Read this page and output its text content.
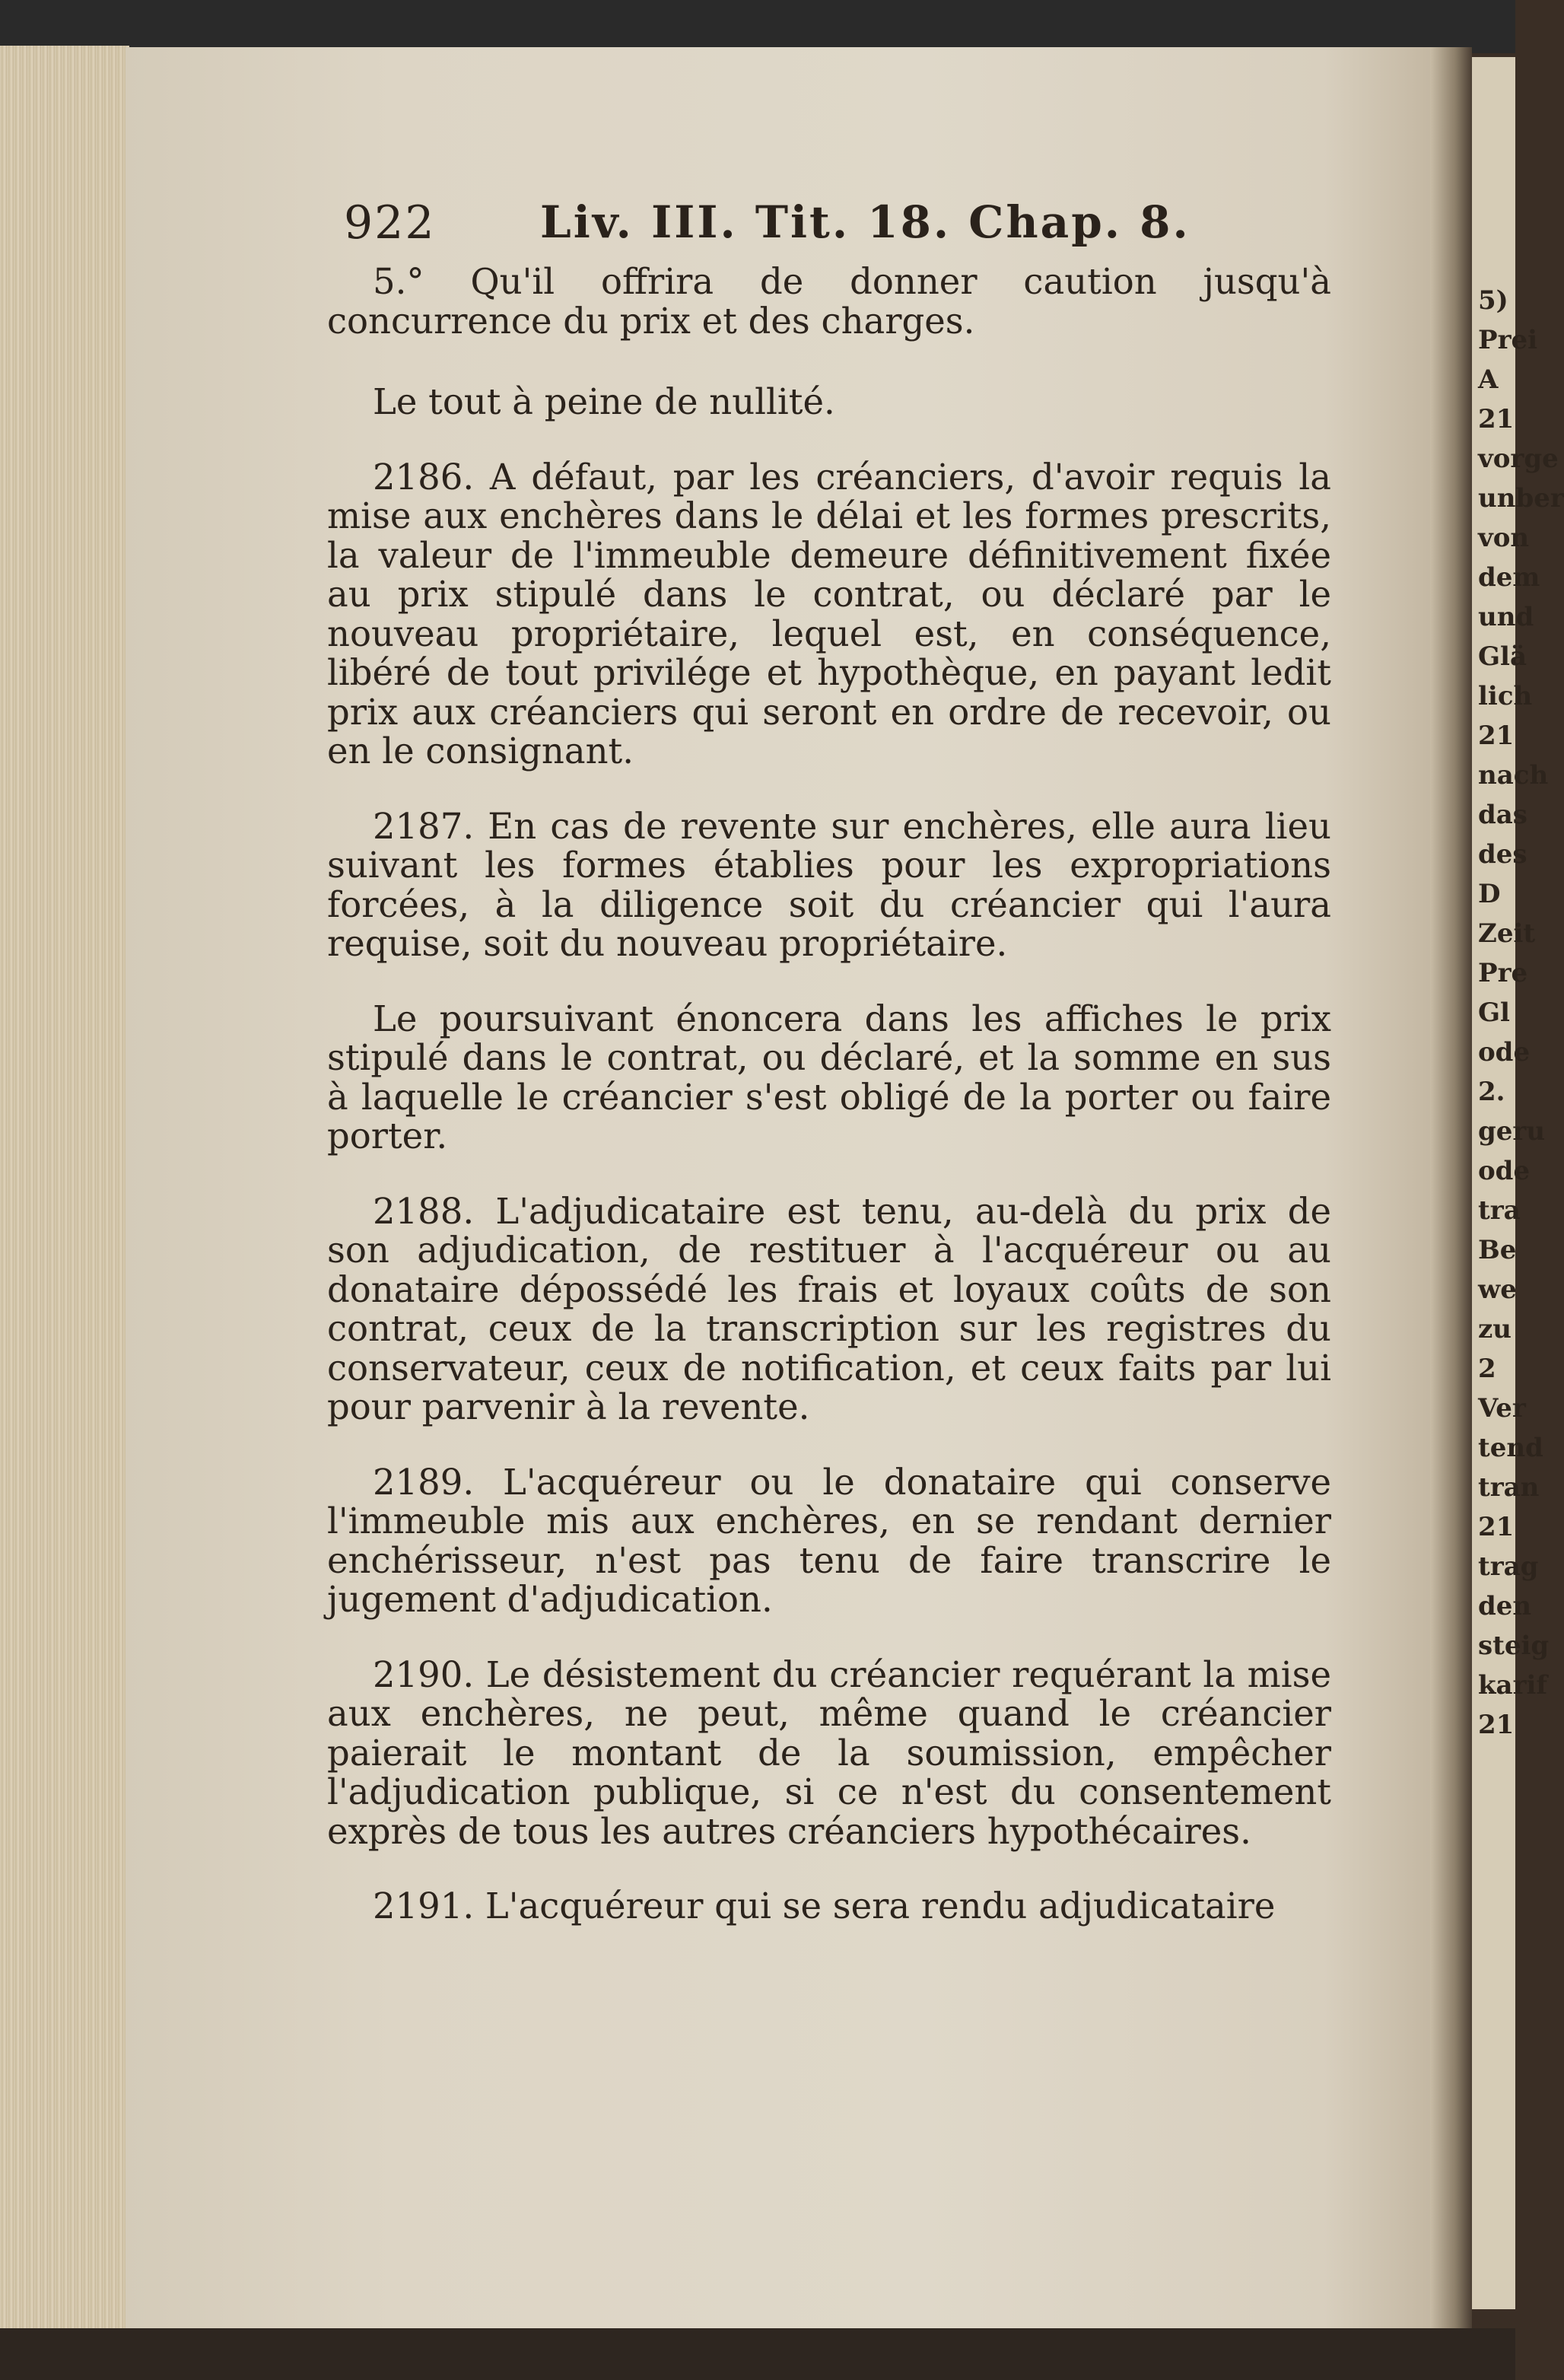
5)
Prei
A
21
vorge
unber
von
dem
und
Glä
lich
21
nach
das
des
D
Zeit
Pre
Gl
ode
2.
geru
ode
tra
Be
we
zu
2
Ver
tend
tran
21
trag
den
steig
karif
21
922 Liv. III. Tit. 18. Chap. 8.

5.° Qu'il offrira de donner caution jusqu'à concurrence du prix et des charges.

Le tout à peine de nullité.

2186. A défaut, par les créanciers, d'avoir requis la mise aux enchères dans le délai et les formes prescrits, la valeur de l'immeuble demeure définitivement fixée au prix stipulé dans le contrat, ou déclaré par le nouveau propriétaire, lequel est, en conséquence, libéré de tout privilége et hypothèque, en payant ledit prix aux créanciers qui seront en ordre de recevoir, ou en le consignant.

2187. En cas de revente sur enchères, elle aura lieu suivant les formes établies pour les expropriations forcées, à la diligence soit du créancier qui l'aura requise, soit du nouveau propriétaire.

Le poursuivant énoncera dans les affiches le prix stipulé dans le contrat, ou déclaré, et la somme en sus à laquelle le créancier s'est obligé de la porter ou faire porter.

2188. L'adjudicataire est tenu, au-delà du prix de son adjudication, de restituer à l'acquéreur ou au donataire dépossédé les frais et loyaux coûts de son contrat, ceux de la transcription sur les registres du conservateur, ceux de notification, et ceux faits par lui pour parvenir à la revente.

2189. L'acquéreur ou le donataire qui conserve l'immeuble mis aux enchères, en se rendant dernier enchérisseur, n'est pas tenu de faire transcrire le jugement d'adjudication.

2190. Le désistement du créancier requérant la mise aux enchères, ne peut, même quand le créancier paierait le montant de la soumission, empêcher l'adjudication publique, si ce n'est du consentement exprès de tous les autres créanciers hypothécaires.

2191. L'acquéreur qui se sera rendu adjudicataire
